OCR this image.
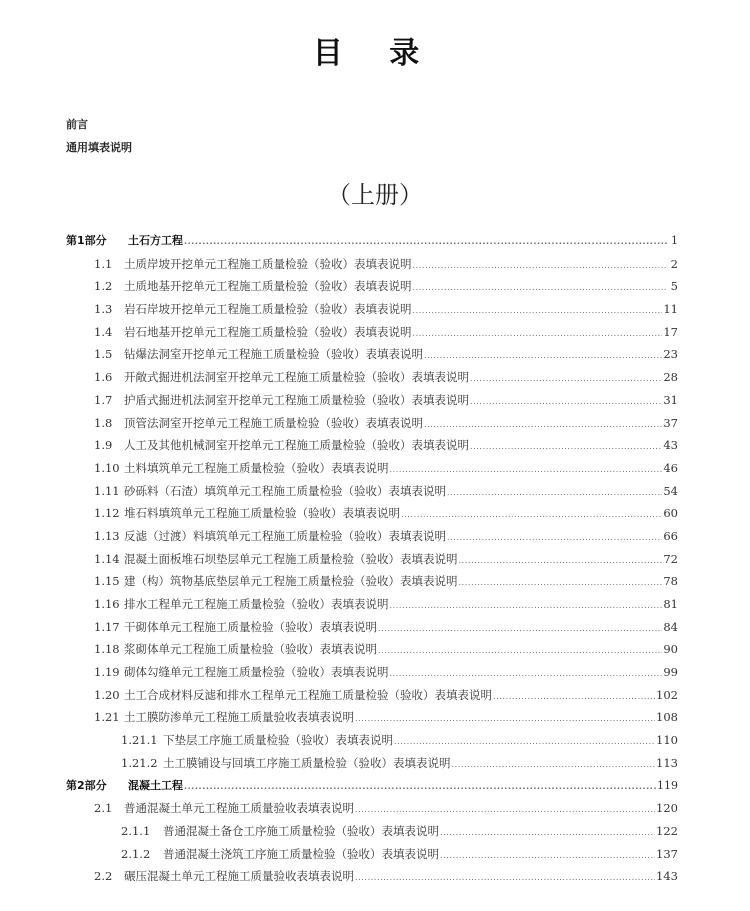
目 录
前言
通用填表说明
（上册）
第1部分	土石方工程 .....	1
1.1	土质岸坡开挖单元工程施工质量检验（验收）表填表说明 .....	2
1.2	土质地基开挖单元工程施工质量检验（验收）表填表说明 .....	5
1.3	岩石岸坡开挖单元工程施工质量检验（验收）表填表说明 .....	11
1.4	岩石地基开挖单元工程施工质量检验（验收）表填表说明 .....	17
1.5	钻爆法洞室开挖单元工程施工质量检验（验收）表填表说明 .....	23
1.6	开敞式掘进机法洞室开挖单元工程施工质量检验（验收）表填表说明 .....	28
1.7	护盾式掘进机法洞室开挖单元工程施工质量检验（验收）表填表说明 .....	31
1.8	顶管法洞室开挖单元工程施工质量检验（验收）表填表说明 .....	37
1.9	人工及其他机械洞室开挖单元工程施工质量检验（验收）表填表说明 .....	43
1.10 土料填筑单元工程施工质量检验（验收）表填表说明 .....	46
1.11 砂砾料（石渣）填筑单元工程施工质量检验（验收）表填表说明 .....	54
1.12 堆石料填筑单元工程施工质量检验（验收）表填表说明 .....	60
1.13 反滤（过渡）料填筑单元工程施工质量检验（验收）表填表说明 .....	66
1.14 混凝土面板堆石坝垫层单元工程施工质量检验（验收）表填表说明 .....	72
1.15 建（构）筑物基底垫层单元工程施工质量检验（验收）表填表说明 .....	78
1.16 排水工程单元工程施工质量检验（验收）表填表说明 .....	81
1.17 干砌体单元工程施工质量检验（验收）表填表说明 .....	84
1.18 浆砌体单元工程施工质量检验（验收）表填表说明 .....	90
1.19 砌体勾缝单元工程施工质量检验（验收）表填表说明 .....	99
1.20 土工合成材料反滤和排水工程单元工程施工质量检验（验收）表填表说明 .....	102
1.21 土工膜防渗单元工程施工质量验收表填表说明 .....	108
1.21.1 下垫层工序施工质量检验（验收）表填表说明 .....	110
1.21.2 土工膜铺设与回填工序施工质量检验（验收）表填表说明 .....	113
第2部分	混凝土工程 .....	119
2.1	普通混凝土单元工程施工质量验收表填表说明 .....	120
2.1.1	普通混凝土备仓工序施工质量检验（验收）表填表说明 .....	122
2.1.2	普通混凝土浇筑工序施工质量检验（验收）表填表说明 .....	137
2.2	碾压混凝土单元工程施工质量验收表填表说明 .....	143
